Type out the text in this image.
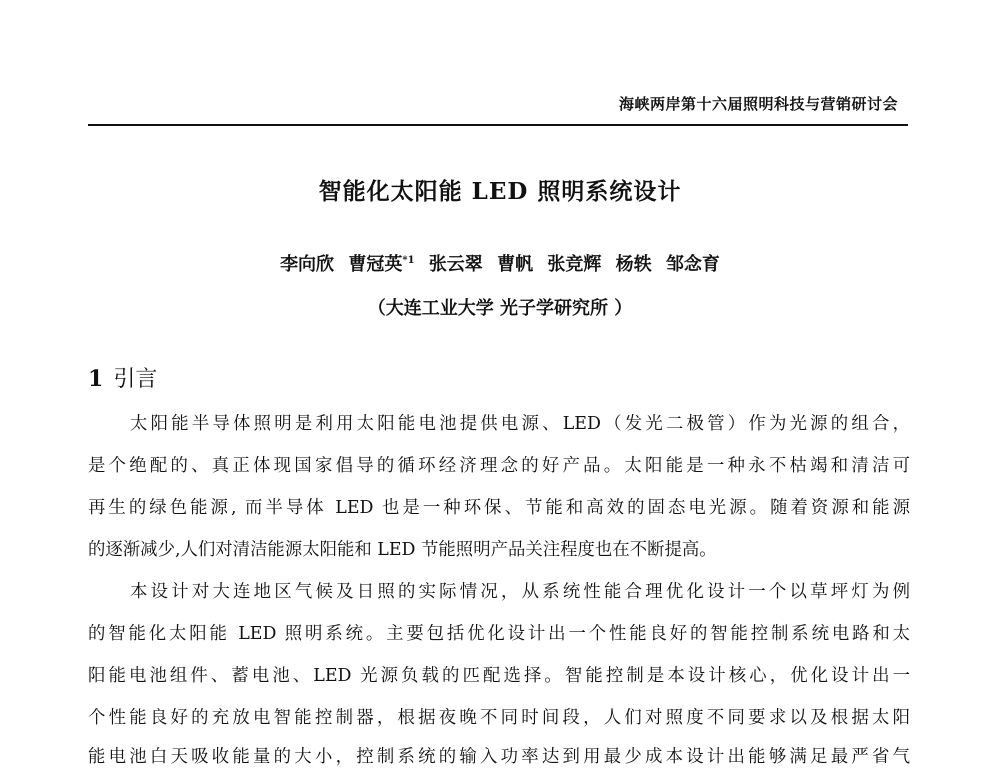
海峡两岸第十六届照明科技与营销研讨会
智能化太阳能 LED 照明系统设计
李向欣 曹冠英$^{*1}$ 张云翠 曹帆 张竞辉 杨轶 邹念育
（大连工业大学 光子学研究所 ）
1 引言
太阳能半导体照明是利用太阳能电池提供电源、LED（发光二极管）作为光源的组合，
是个绝配的、真正体现国家倡导的循环经济理念的好产品。太阳能是一种永不枯竭和清洁可
再生的绿色能源, 而半导体 LED 也是一种环保、节能和高效的固态电光源。随着资源和能源
的逐渐减少,人们对清洁能源太阳能和 LED 节能照明产品关注程度也在不断提高。
本设计对大连地区气候及日照的实际情况，从系统性能合理优化设计一个以草坪灯为例
的智能化太阳能 LED 照明系统。主要包括优化设计出一个性能良好的智能控制系统电路和太
阳能电池组件、蓄电池、LED 光源负载的匹配选择。智能控制是本设计核心，优化设计出一
个性能良好的充放电智能控制器，根据夜晚不同时间段，人们对照度不同要求以及根据太阳
能电池白天吸收能量的大小，控制系统的输入功率达到用最少成本设计出能够满足最严省气
